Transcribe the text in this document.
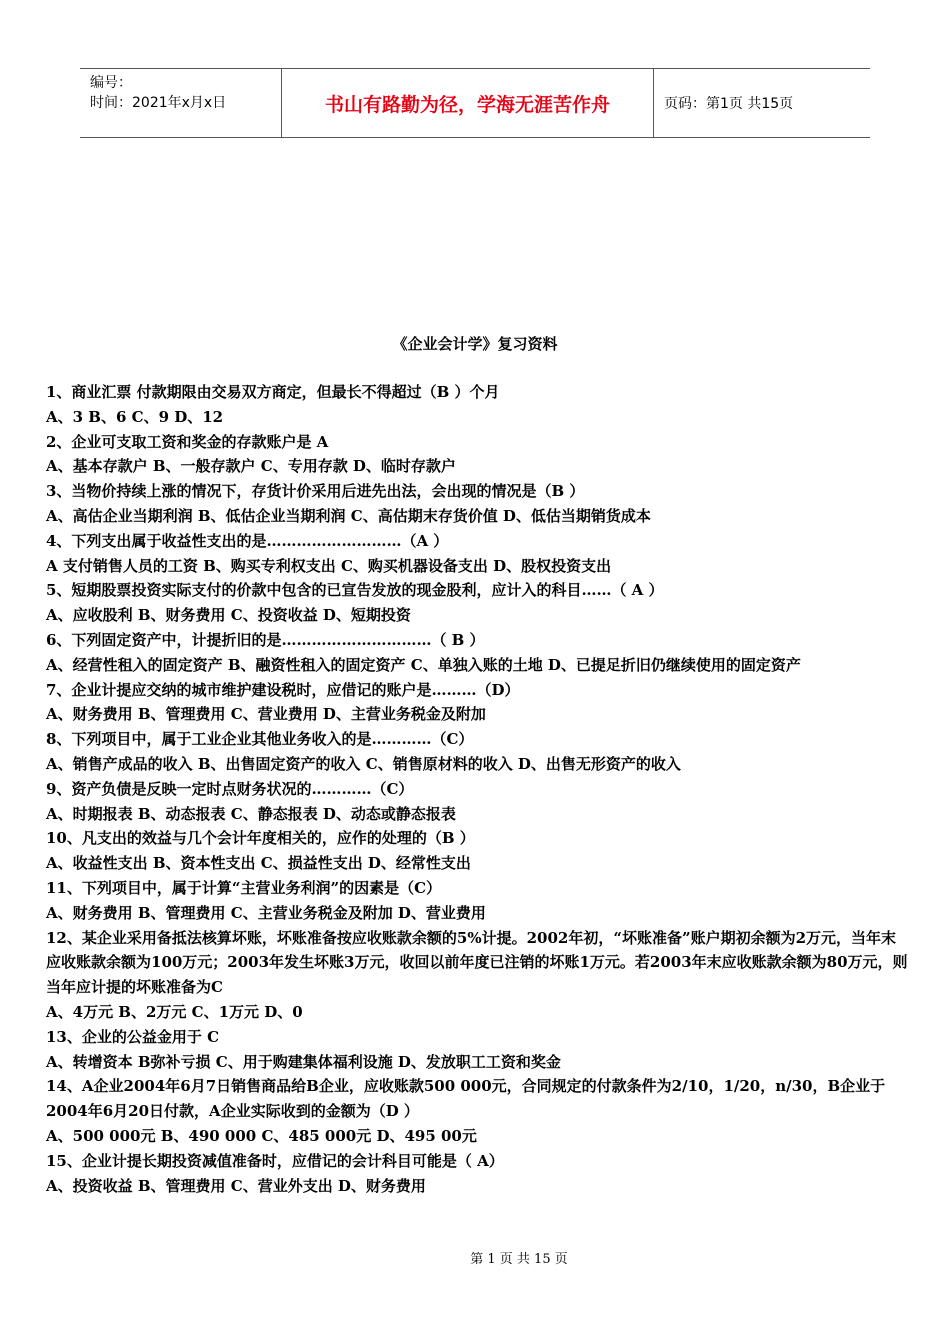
编号：
时间：2021年x月x日	书山有路勤为径，学海无涯苦作舟	页码：第1页 共15页
《企业会计学》复习资料

1、商业汇票 付款期限由交易双方商定，但最长不得超过（B ）个月

A、3 B、6 C、9 D、12

2、企业可支取工资和奖金的存款账户是 A

A、基本存款户 B、一般存款户 C、专用存款 D、临时存款户

3、当物价持续上涨的情况下，存货计价采用后进先出法，会出现的情况是（B ）

A、高估企业当期利润 B、低估企业当期利润 C、高估期末存货价值 D、低估当期销货成本

4、下列支出属于收益性支出的是………………………（A ）

A 支付销售人员的工资 B、购买专利权支出 C、购买机器设备支出 D、股权投资支出

5、短期股票投资实际支付的价款中包含的已宣告发放的现金股利，应计入的科目……（ A ）

A、应收股利 B、财务费用 C、投资收益 D、短期投资

6、下列固定资产中，计提折旧的是…………………………（ B ）

A、经营性租入的固定资产 B、融资性租入的固定资产 C、单独入账的土地 D、已提足折旧仍继续使用的固定资产

7、企业计提应交纳的城市维护建设税时，应借记的账户是………（D）

A、财务费用 B、管理费用 C、营业费用 D、主营业务税金及附加

8、下列项目中，属于工业企业其他业务收入的是…………（C）

A、销售产成品的收入 B、出售固定资产的收入 C、销售原材料的收入 D、出售无形资产的收入

9、资产负债是反映一定时点财务状况的…………（C）

A、时期报表 B、动态报表 C、静态报表 D、动态或静态报表

10、凡支出的效益与几个会计年度相关的，应作的处理的（B ）

A、收益性支出 B、资本性支出 C、损益性支出 D、经常性支出

11、下列项目中，属于计算“主营业务利润”的因素是（C）

A、财务费用 B、管理费用 C、主营业务税金及附加 D、营业费用

12、某企业采用备抵法核算坏账，坏账准备按应收账款余额的5%计提。2002年初，“坏账准备”账户期初余额为2万元，当年末应收账款余额为100万元；2003年发生坏账3万元，收回以前年度已注销的坏账1万元。若2003年末应收账款余额为80万元，则当年应计提的坏账准备为C

A、4万元 B、2万元 C、1万元 D、0

13、企业的公益金用于 C

A、转增资本 B弥补亏损 C、用于购建集体福利设施 D、发放职工工资和奖金

14、A企业2004年6月7日销售商品给B企业，应收账款500 000元，合同规定的付款条件为2/10，1/20，n/30，B企业于2004年6月20日付款，A企业实际收到的金额为（D ）

A、500 000元 B、490 000 C、485 000元 D、495 00元

15、企业计提长期投资减值准备时，应借记的会计科目可能是（ A）

A、投资收益 B、管理费用 C、营业外支出 D、财务费用

第 1 页 共 15 页
